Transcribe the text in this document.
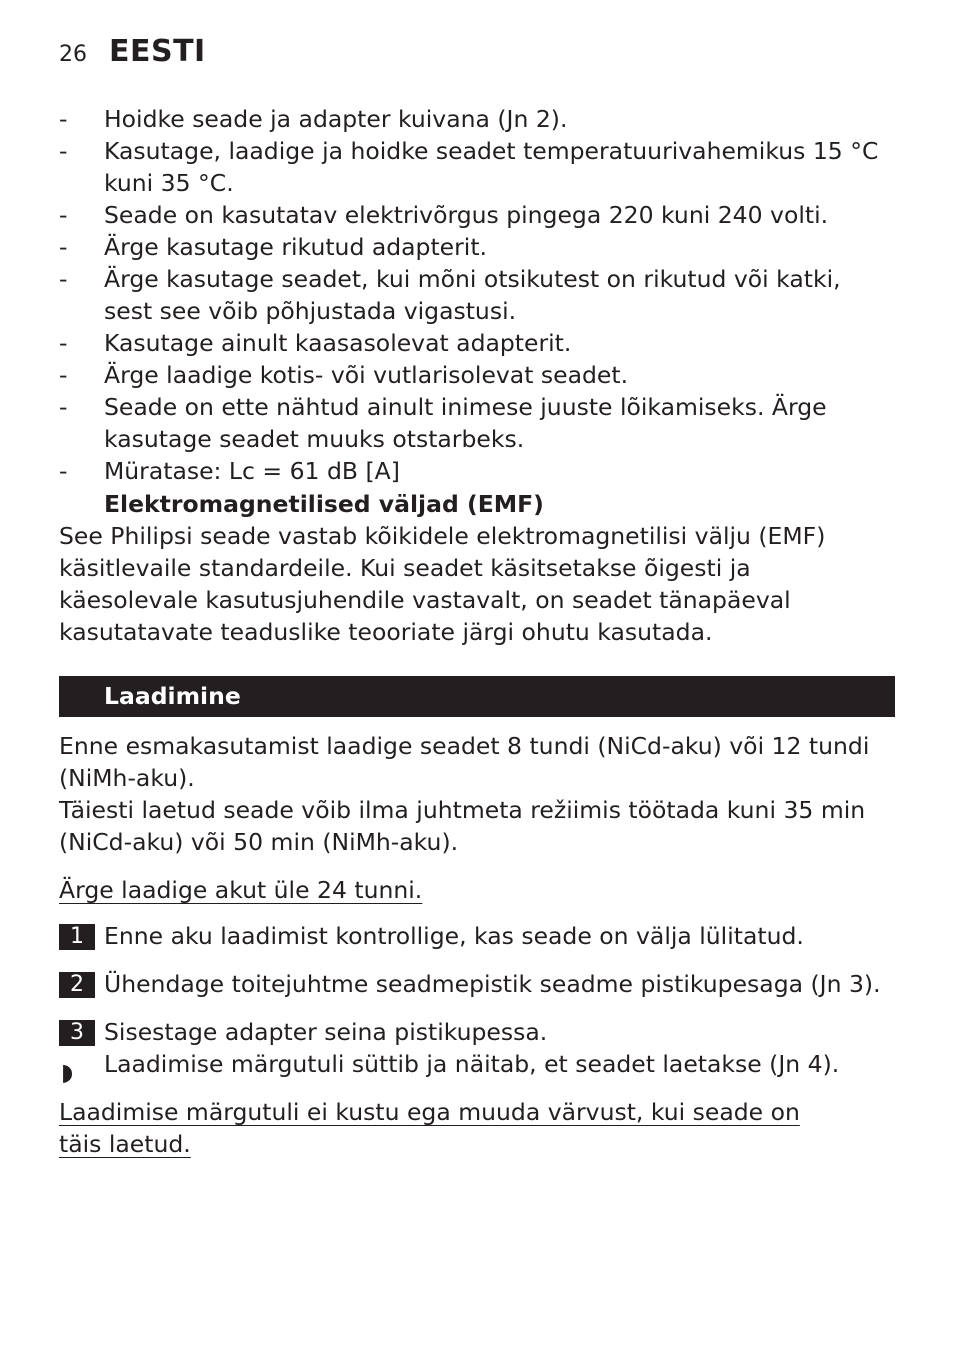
26 EESTI
- Hoidke seade ja adapter kuivana (Jn 2).
- Kasutage, laadige ja hoidke seadet temperatuurivahemikus 15 °C kuni 35 °C.
- Seade on kasutatav elektrivõrgus pingega 220 kuni 240 volti.
- Ärge kasutage rikutud adapterit.
- Ärge kasutage seadet, kui mõni otsikutest on rikutud või katki, sest see võib põhjustada vigastusi.
- Kasutage ainult kaasasolevat adapterit.
- Ärge laadige kotis- või vutlarisolevat seadet.
- Seade on ette nähtud ainult inimese juuste lõikamiseks. Ärge kasutage seadet muuks otstarbeks.
- Müratase: Lc = 61 dB [A]
Elektromagnetilised väljad (EMF)

See Philipsi seade vastab kõikidele elektromagnetilisi välju (EMF) käsitlevaile standardeile. Kui seadet käsitsetakse õigesti ja käesolevale kasutusjuhendile vastavalt, on seadet tänapäeval kasutatavate teaduslike teooriate järgi ohutu kasutada.

Laadimine

Enne esmakasutamist laadige seadet 8 tundi (NiCd-aku) või 12 tundi (NiMh-aku).

Täiesti laetud seade võib ilma juhtmeta režiimis töötada kuni 35 min (NiCd-aku) või 50 min (NiMh-aku).

Ärge laadige akut üle 24 tunni.
1 Enne aku laadimist kontrollige, kas seade on välja lülitatud.
2 Ühendage toitejuhtme seadmepistik seadme pistikupesaga (Jn 3).
3 Sisestage adapter seina pistikupessa.
◗ Laadimise märgutuli süttib ja näitab, et seadet laetakse (Jn 4).
Laadimise märgutuli ei kustu ega muuda värvust, kui seade on täis laetud.
